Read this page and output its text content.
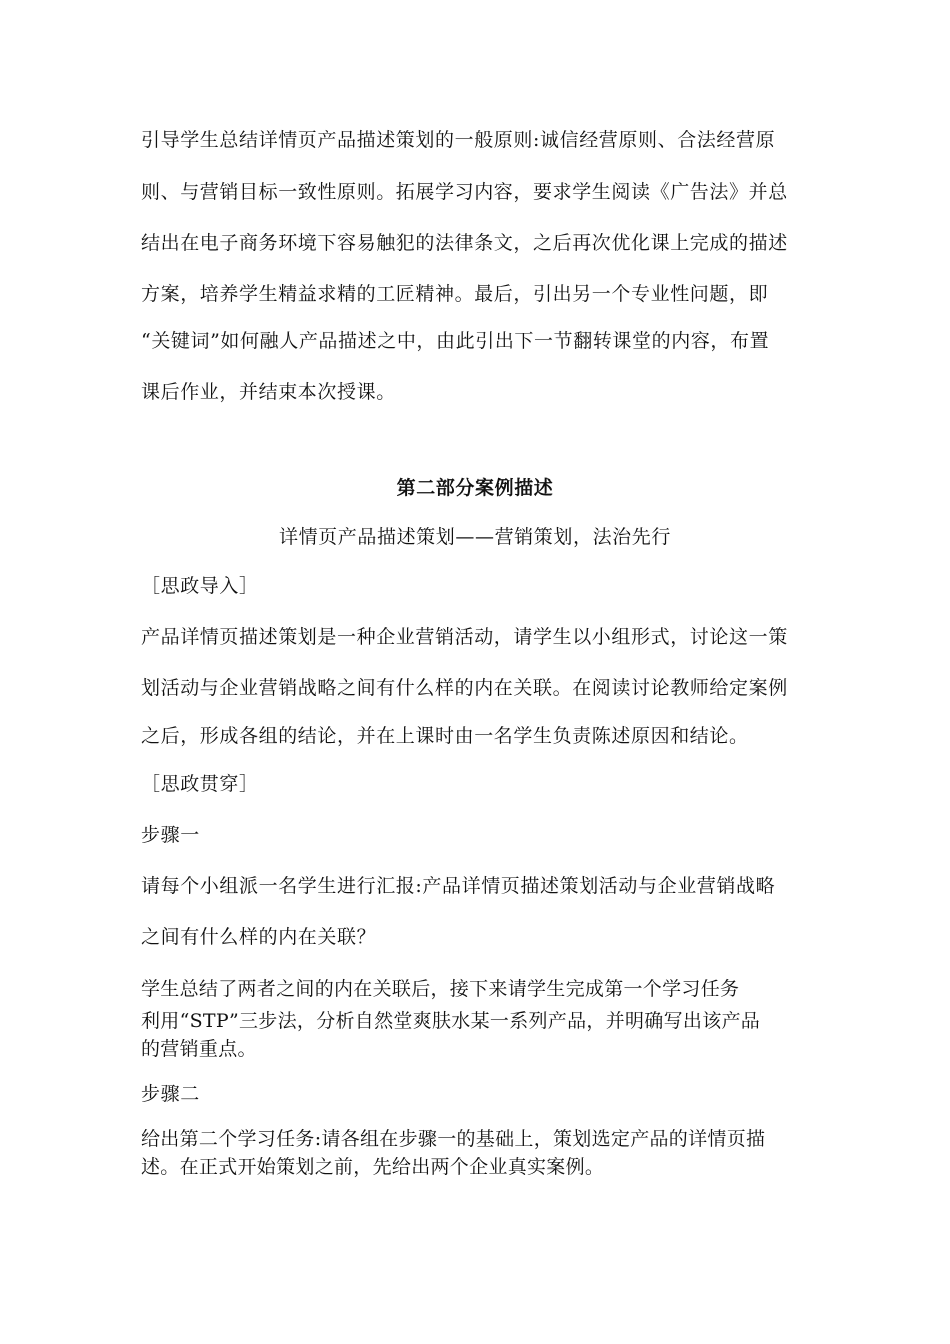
引导学生总结详情页产品描述策划的一般原则:诚信经营原则、合法经营原
则、与营销目标一致性原则。拓展学习内容，要求学生阅读《广告法》并总
结出在电子商务环境下容易触犯的法律条文，之后再次优化课上完成的描述
方案，培养学生精益求精的工匠精神。最后，引出另一个专业性问题，即
“关键词”如何融人产品描述之中，由此引出下一节翻转课堂的内容，布置
课后作业，并结束本次授课。
第二部分案例描述
详情页产品描述策划——营销策划，法治先行
［思政导入］
产品详情页描述策划是一种企业营销活动，请学生以小组形式，讨论这一策
划活动与企业营销战略之间有什么样的内在关联。在阅读讨论教师给定案例
之后，形成各组的结论，并在上课时由一名学生负责陈述原因和结论。
［思政贯穿］
步骤一
请每个小组派一名学生进行汇报:产品详情页描述策划活动与企业营销战略
之间有什么样的内在关联？
学生总结了两者之间的内在关联后，接下来请学生完成第一个学习任务
利用“STP”三步法，分析自然堂爽肤水某一系列产品，并明确写出该产品
的营销重点。
步骤二
给出第二个学习任务:请各组在步骤一的基础上，策划选定产品的详情页描
述。在正式开始策划之前，先给出两个企业真实案例。
